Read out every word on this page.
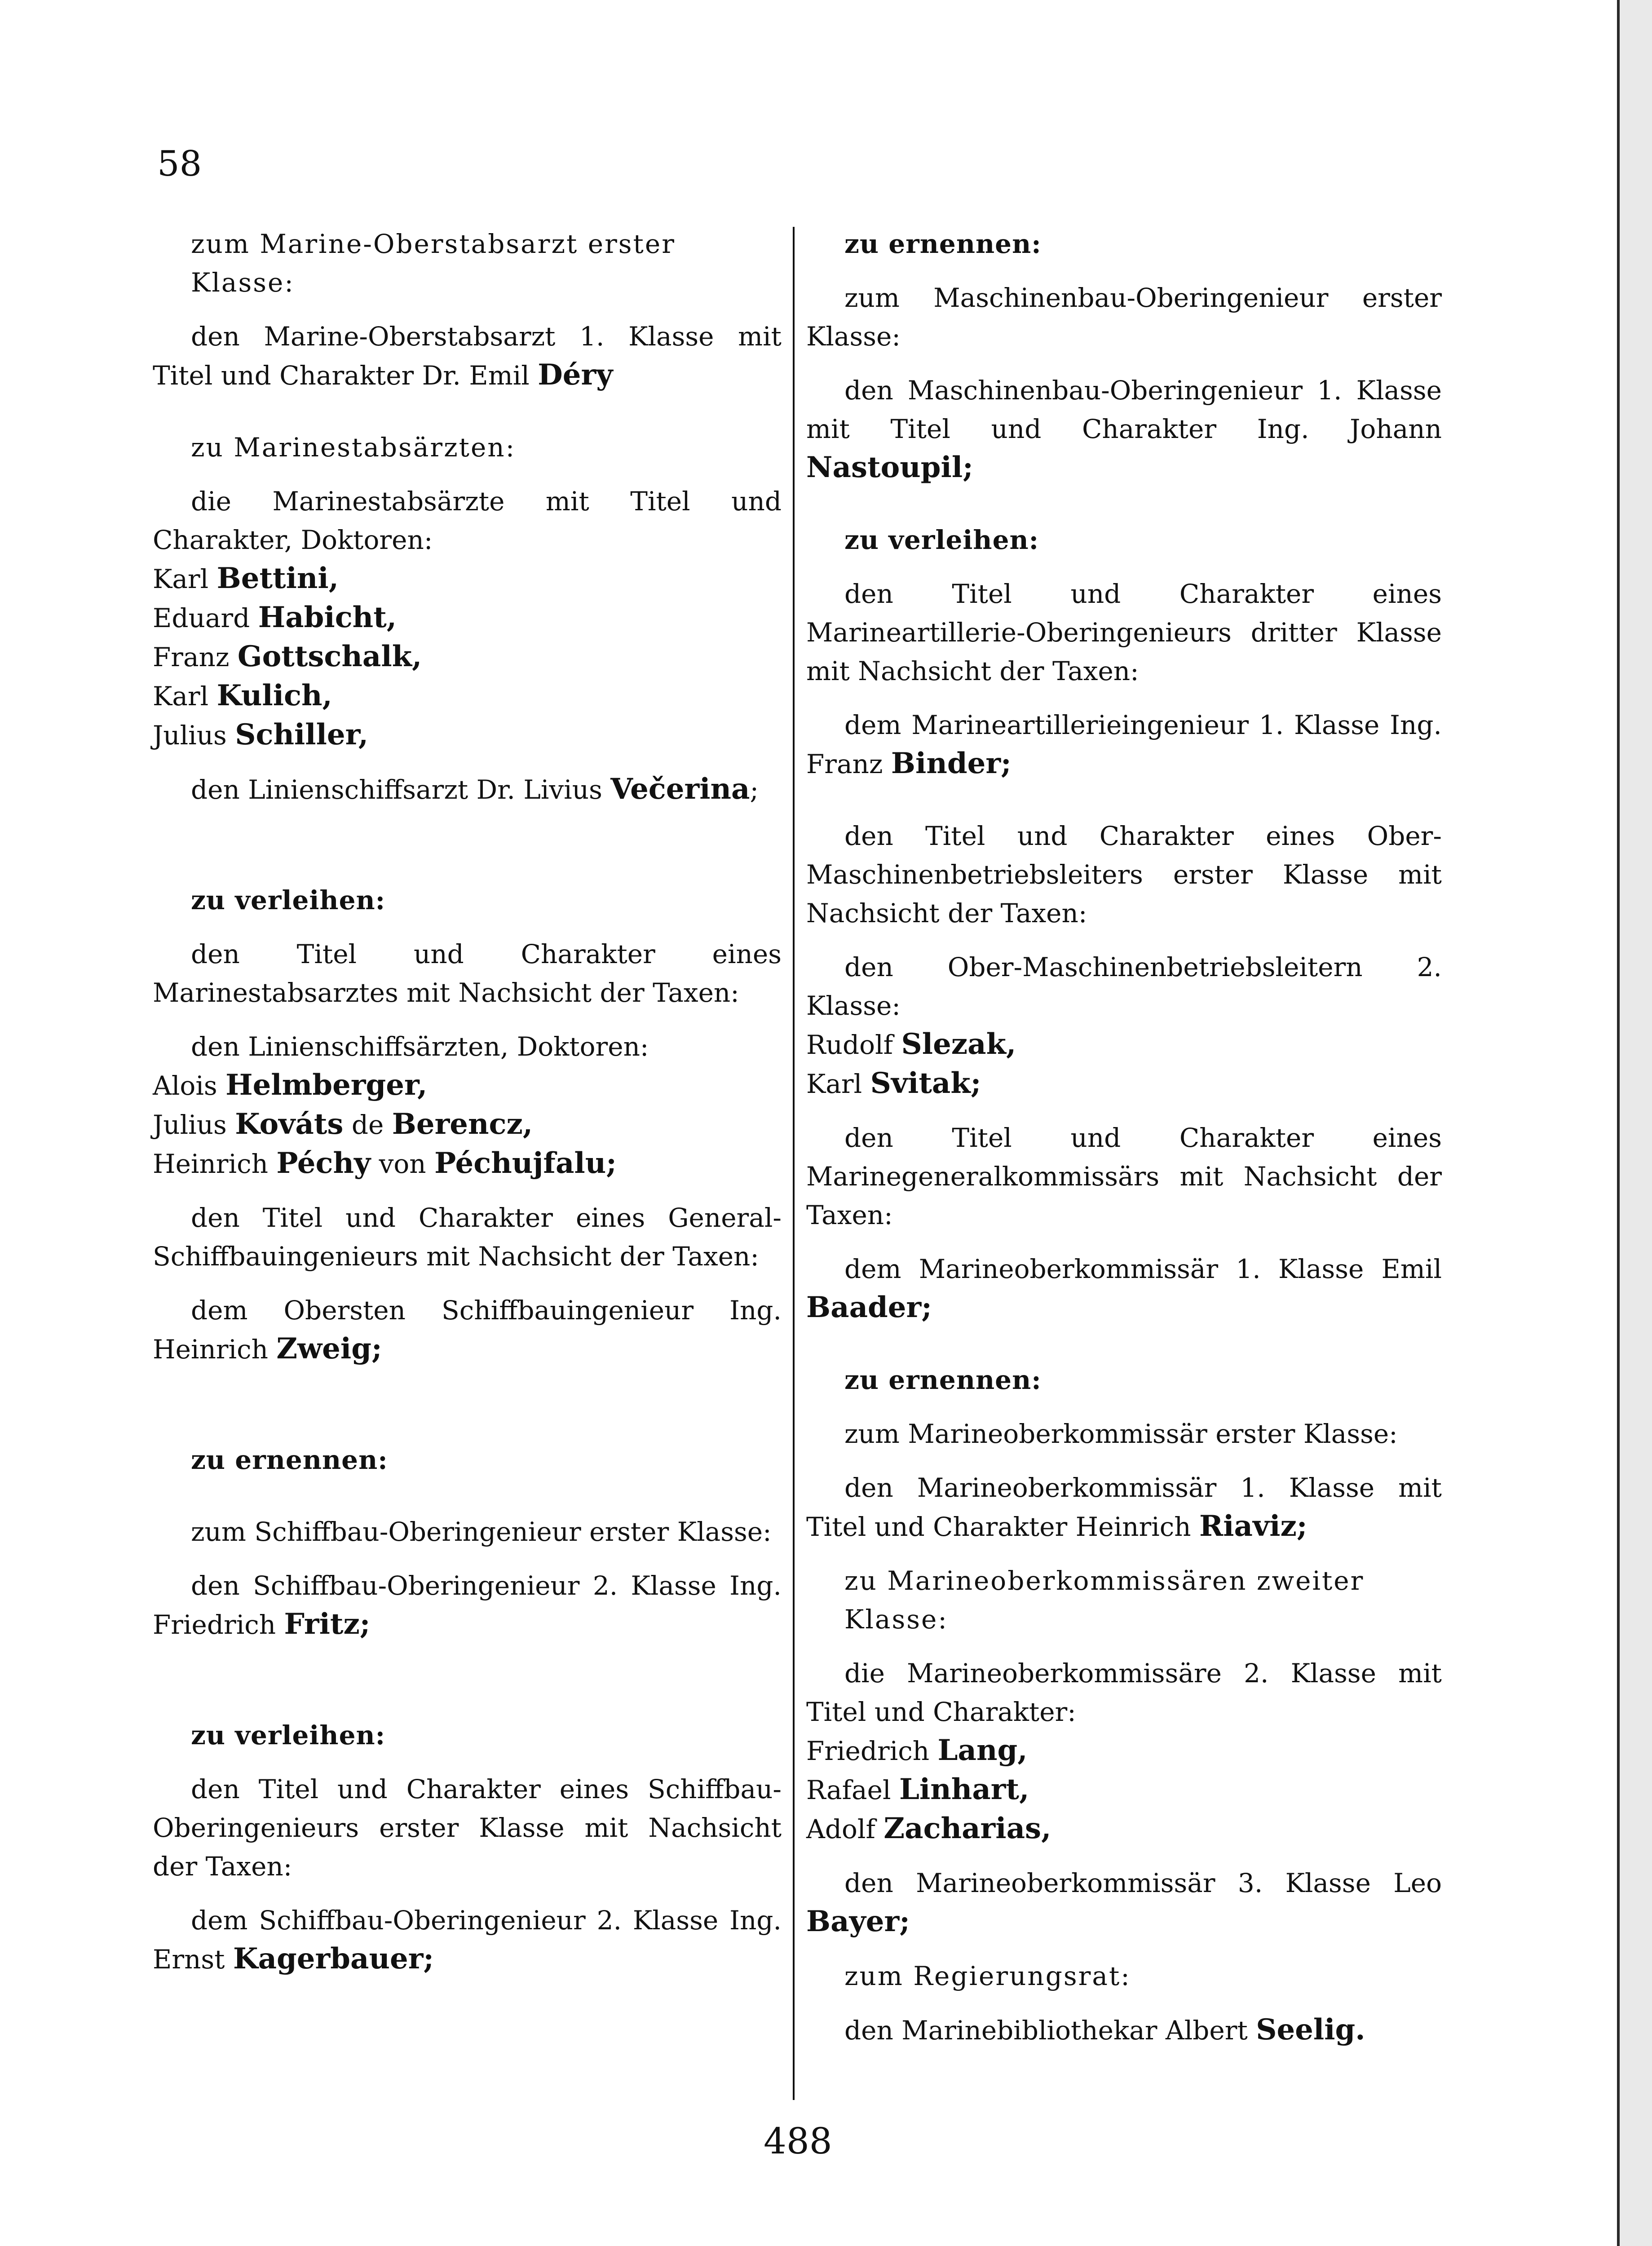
58

zum Marine-Oberstabsarzt erster Klasse:

den Marine-Oberstabsarzt 1. Klasse mit Titel und Charakter Dr. Emil Déry

zu Marinestabsärzten:

die Marinestabsärzte mit Titel und Charakter, Doktoren:

Karl Bettini,
Eduard Habicht,
Franz Gottschalk,
Karl Kulich,
Julius Schiller,

den Linienschiffsarzt Dr. Livius Večerina;

zu verleihen:

den Titel und Charakter eines Marinestabsarztes mit Nachsicht der Taxen:

den Linienschiffsärzten, Doktoren:

Alois Helmberger,
Julius Kováts de Berencz,
Heinrich Péchy von Péchujfalu;

den Titel und Charakter eines General-Schiffbauingenieurs mit Nachsicht der Taxen:

dem Obersten Schiffbauingenieur Ing. Heinrich Zweig;

zu ernennen:

zum Schiffbau-Oberingenieur erster Klasse:

den Schiffbau-Oberingenieur 2. Klasse Ing. Friedrich Fritz;

zu verleihen:

den Titel und Charakter eines Schiffbau-Oberingenieurs erster Klasse mit Nachsicht der Taxen:

dem Schiffbau-Oberingenieur 2. Klasse Ing. Ernst Kagerbauer;

zu ernennen:

zum Maschinenbau-Oberingenieur erster Klasse:

den Maschinenbau-Oberingenieur 1. Klasse mit Titel und Charakter Ing. Johann Nastoupil;

zu verleihen:

den Titel und Charakter eines Marineartillerie-Oberingenieurs dritter Klasse mit Nachsicht der Taxen:

dem Marineartillerieingenieur 1. Klasse Ing. Franz Binder;

den Titel und Charakter eines Ober-Maschinenbetriebsleiters erster Klasse mit Nachsicht der Taxen:

den Ober-Maschinenbetriebsleitern 2. Klasse:

Rudolf Slezak,
Karl Svitak;

den Titel und Charakter eines Marinegeneralkommissärs mit Nachsicht der Taxen:

dem Marineoberkommissär 1. Klasse Emil Baader;

zu ernennen:

zum Marineoberkommissär erster Klasse:

den Marineoberkommissär 1. Klasse mit Titel und Charakter Heinrich Riaviz;

zu Marineoberkommissären zweiter Klasse:

die Marineoberkommissäre 2. Klasse mit Titel und Charakter:

Friedrich Lang,
Rafael Linhart,
Adolf Zacharias,

den Marineoberkommissär 3. Klasse Leo Bayer;

zum Regierungsrat:

den Marinebibliothekar Albert Seelig.

488
